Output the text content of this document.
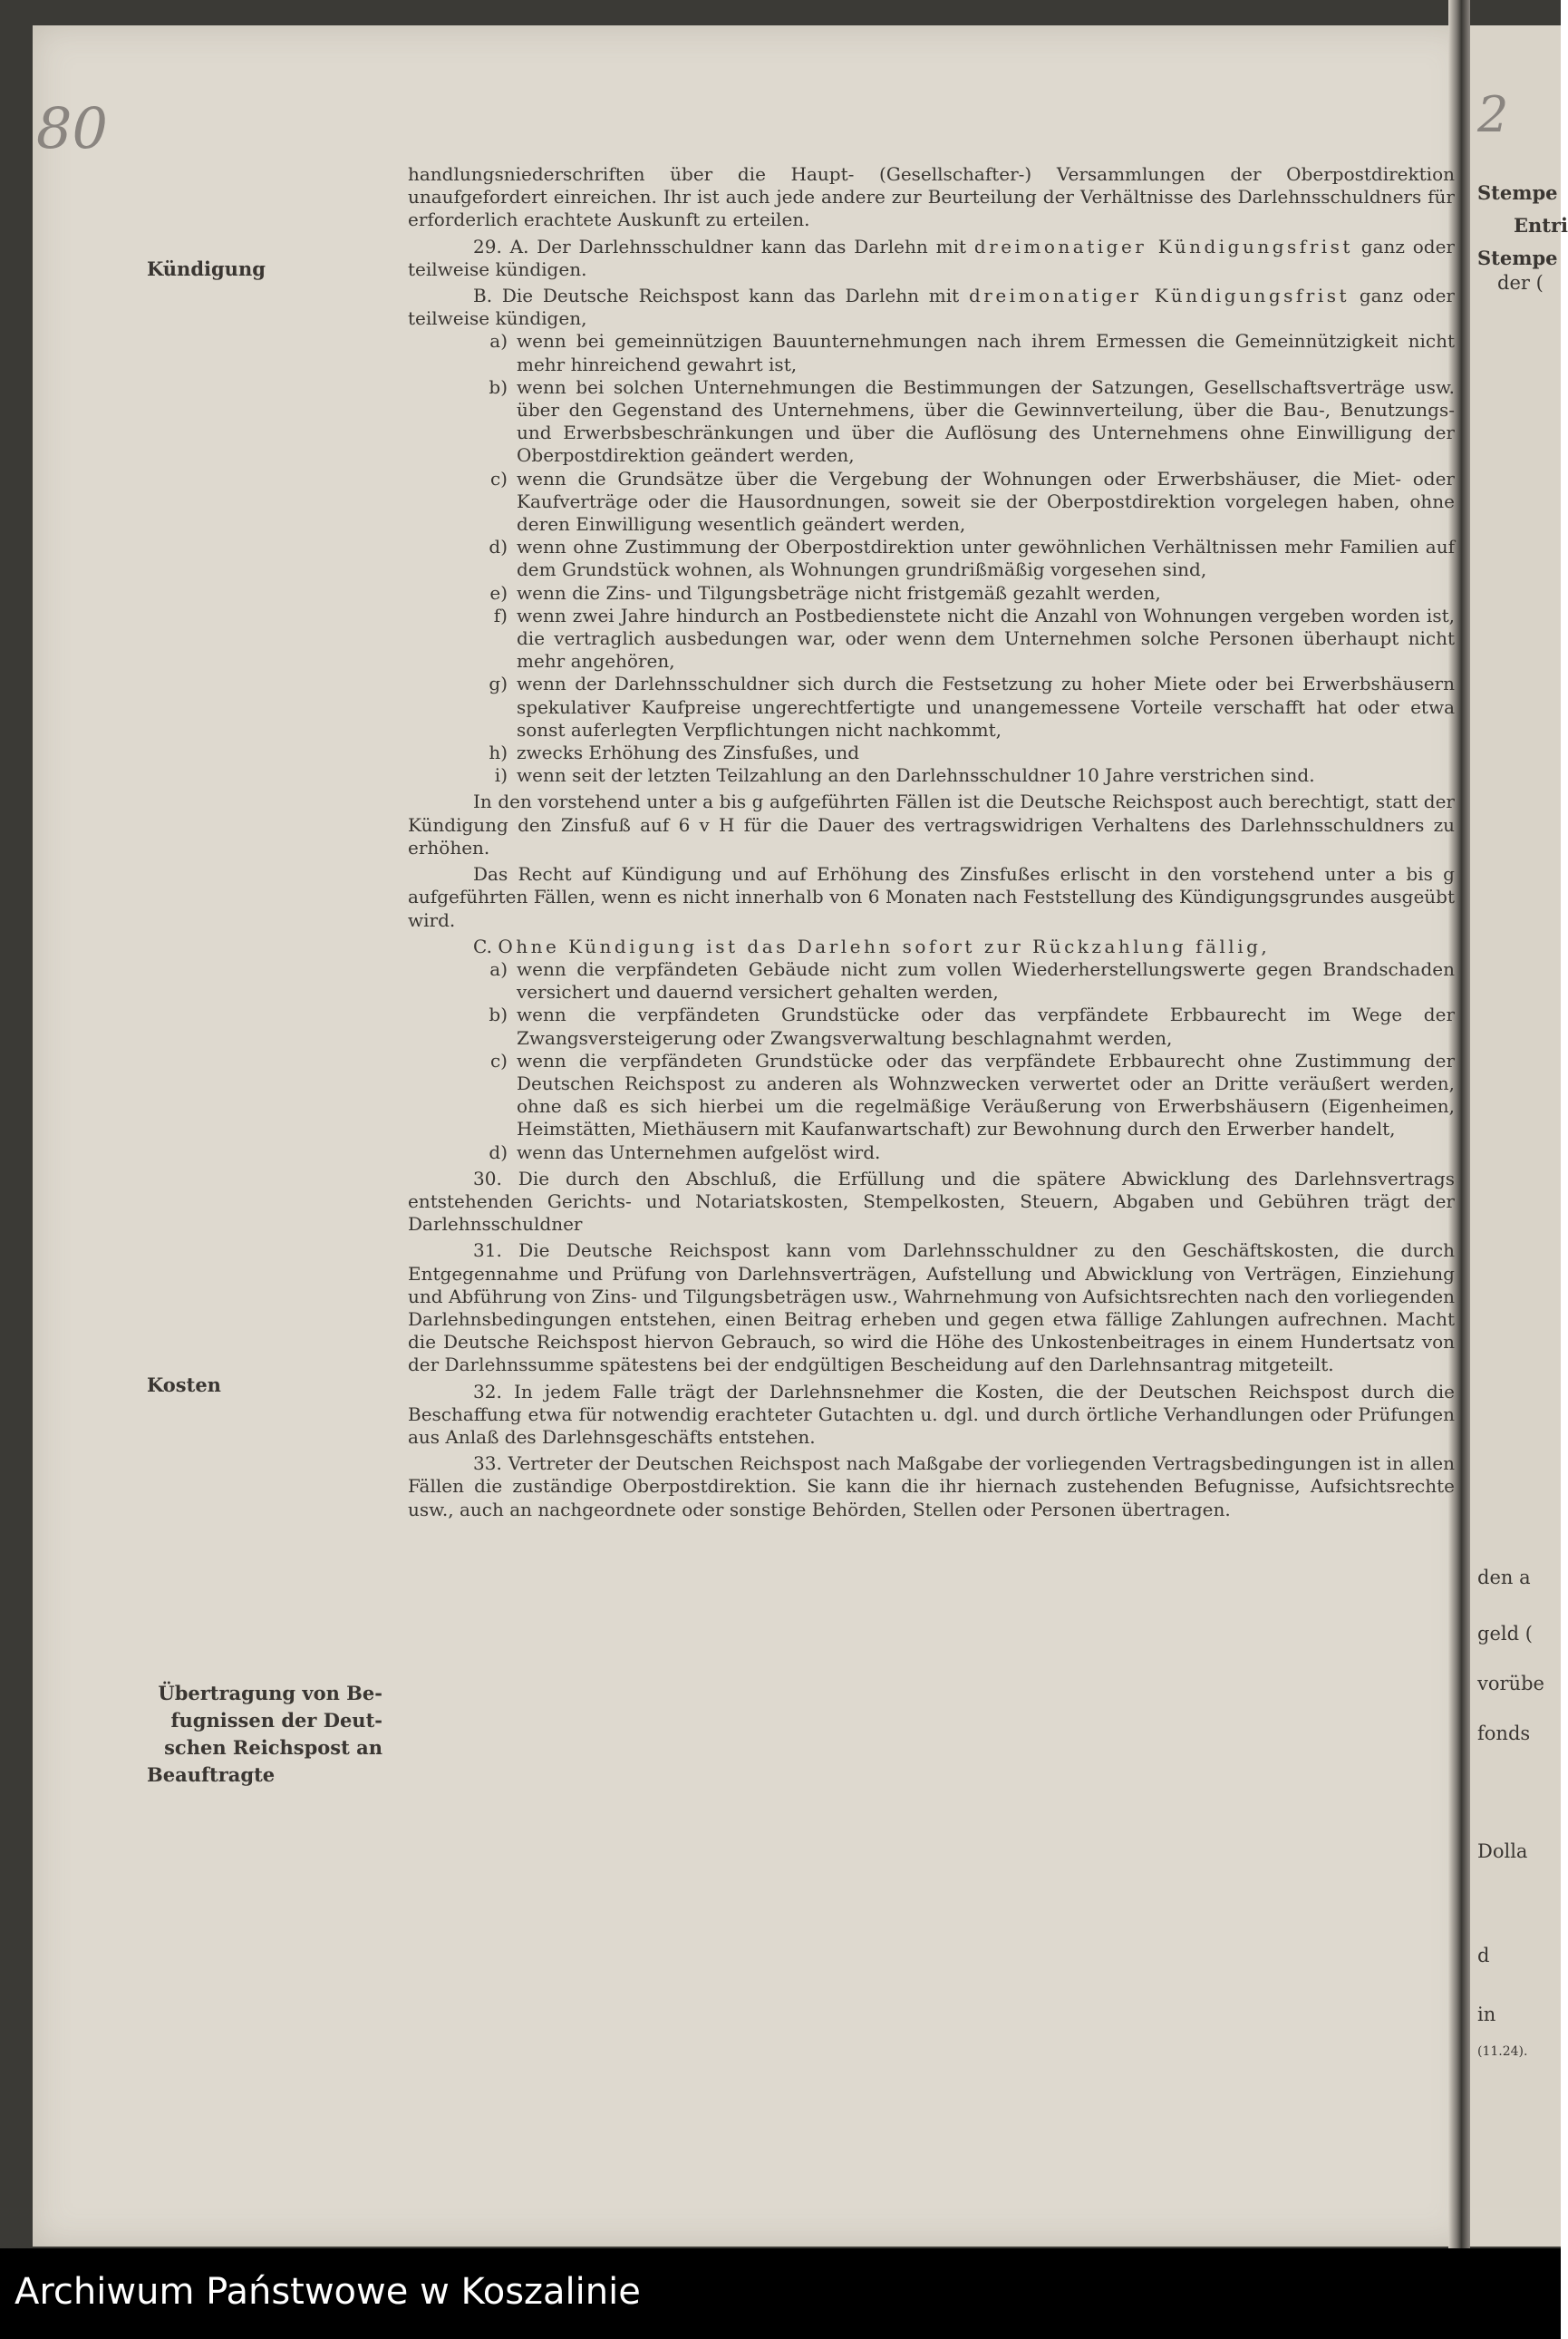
80
Kündigung
Kosten
Übertragung von Be-
fugnissen der Deut-
schen Reichspost an
Beauftragte

handlungsniederschriften über die Haupt- (Gesellschafter-) Versammlungen der Oberpostdirektion unaufgefordert einreichen. Ihr ist auch jede andere zur Beurteilung der Verhältnisse des Darlehnsschuldners für erforderlich erachtete Auskunft zu erteilen.

29. A. Der Darlehnsschuldner kann das Darlehn mit dreimonatiger Kündigungsfrist ganz oder teilweise kündigen.

B. Die Deutsche Reichspost kann das Darlehn mit dreimonatiger Kündigungsfrist ganz oder teilweise kündigen,

a) wenn bei gemeinnützigen Bauunternehmungen nach ihrem Ermessen die Gemeinnützigkeit nicht mehr hinreichend gewahrt ist,
b) wenn bei solchen Unternehmungen die Bestimmungen der Satzungen, Gesellschaftsverträge usw. über den Gegenstand des Unternehmens, über die Gewinnverteilung, über die Bau-, Benutzungs- und Erwerbsbeschränkungen und über die Auflösung des Unternehmens ohne Einwilligung der Oberpostdirektion geändert werden,
c) wenn die Grundsätze über die Vergebung der Wohnungen oder Erwerbshäuser, die Miet- oder Kaufverträge oder die Hausordnungen, soweit sie der Oberpostdirektion vorgelegen haben, ohne deren Einwilligung wesentlich geändert werden,
d) wenn ohne Zustimmung der Oberpostdirektion unter gewöhnlichen Verhältnissen mehr Familien auf dem Grundstück wohnen, als Wohnungen grundrißmäßig vorgesehen sind,
e) wenn die Zins- und Tilgungsbeträge nicht fristgemäß gezahlt werden,
f) wenn zwei Jahre hindurch an Postbedienstete nicht die Anzahl von Wohnungen vergeben worden ist, die vertraglich ausbedungen war, oder wenn dem Unternehmen solche Personen überhaupt nicht mehr angehören,
g) wenn der Darlehnsschuldner sich durch die Festsetzung zu hoher Miete oder bei Erwerbshäusern spekulativer Kaufpreise ungerechtfertigte und unangemessene Vorteile verschafft hat oder etwa sonst auferlegten Verpflichtungen nicht nachkommt,
h) zwecks Erhöhung des Zinsfußes, und
i) wenn seit der letzten Teilzahlung an den Darlehnsschuldner 10 Jahre verstrichen sind.

In den vorstehend unter a bis g aufgeführten Fällen ist die Deutsche Reichspost auch berechtigt, statt der Kündigung den Zinsfuß auf 6 v H für die Dauer des vertragswidrigen Verhaltens des Darlehnsschuldners zu erhöhen.

Das Recht auf Kündigung und auf Erhöhung des Zinsfußes erlischt in den vorstehend unter a bis g aufgeführten Fällen, wenn es nicht innerhalb von 6 Monaten nach Feststellung des Kündigungsgrundes ausgeübt wird.

C. Ohne Kündigung ist das Darlehn sofort zur Rückzahlung fällig,

a) wenn die verpfändeten Gebäude nicht zum vollen Wiederherstellungswerte gegen Brandschaden versichert und dauernd versichert gehalten werden,
b) wenn die verpfändeten Grundstücke oder das verpfändete Erbbaurecht im Wege der Zwangsversteigerung oder Zwangsverwaltung beschlagnahmt werden,
c) wenn die verpfändeten Grundstücke oder das verpfändete Erbbaurecht ohne Zustimmung der Deutschen Reichspost zu anderen als Wohnzwecken verwertet oder an Dritte veräußert werden, ohne daß es sich hierbei um die regelmäßige Veräußerung von Erwerbshäusern (Eigenheimen, Heimstätten, Miethäusern mit Kaufanwartschaft) zur Bewohnung durch den Erwerber handelt,
d) wenn das Unternehmen aufgelöst wird.

30. Die durch den Abschluß, die Erfüllung und die spätere Abwicklung des Darlehnsvertrags entstehenden Gerichts- und Notariatskosten, Stempelkosten, Steuern, Abgaben und Gebühren trägt der Darlehnsschuldner

31. Die Deutsche Reichspost kann vom Darlehnsschuldner zu den Geschäftskosten, die durch Entgegennahme und Prüfung von Darlehnsverträgen, Aufstellung und Abwicklung von Verträgen, Einziehung und Abführung von Zins- und Tilgungsbeträgen usw., Wahrnehmung von Aufsichtsrechten nach den vorliegenden Darlehnsbedingungen entstehen, einen Beitrag erheben und gegen etwa fällige Zahlungen aufrechnen. Macht die Deutsche Reichspost hiervon Gebrauch, so wird die Höhe des Unkostenbeitrages in einem Hundertsatz von der Darlehnssumme spätestens bei der endgültigen Bescheidung auf den Darlehnsantrag mitgeteilt.

32. In jedem Falle trägt der Darlehnsnehmer die Kosten, die der Deutschen Reichspost durch die Beschaffung etwa für notwendig erachteter Gutachten u. dgl. und durch örtliche Verhandlungen oder Prüfungen aus Anlaß des Darlehnsgeschäfts entstehen.

33. Vertreter der Deutschen Reichspost nach Maßgabe der vorliegenden Vertragsbedingungen ist in allen Fällen die zuständige Oberpostdirektion. Sie kann die ihr hiernach zustehenden Befugnisse, Aufsichtsrechte usw., auch an nachgeordnete oder sonstige Behörden, Stellen oder Personen übertragen.

2
Stempe
Entri
Stempe
der (
den a
geld (
vorübe
fonds
Dolla
d
in
(11.24).
Archiwum Państwowe w Koszalinie
